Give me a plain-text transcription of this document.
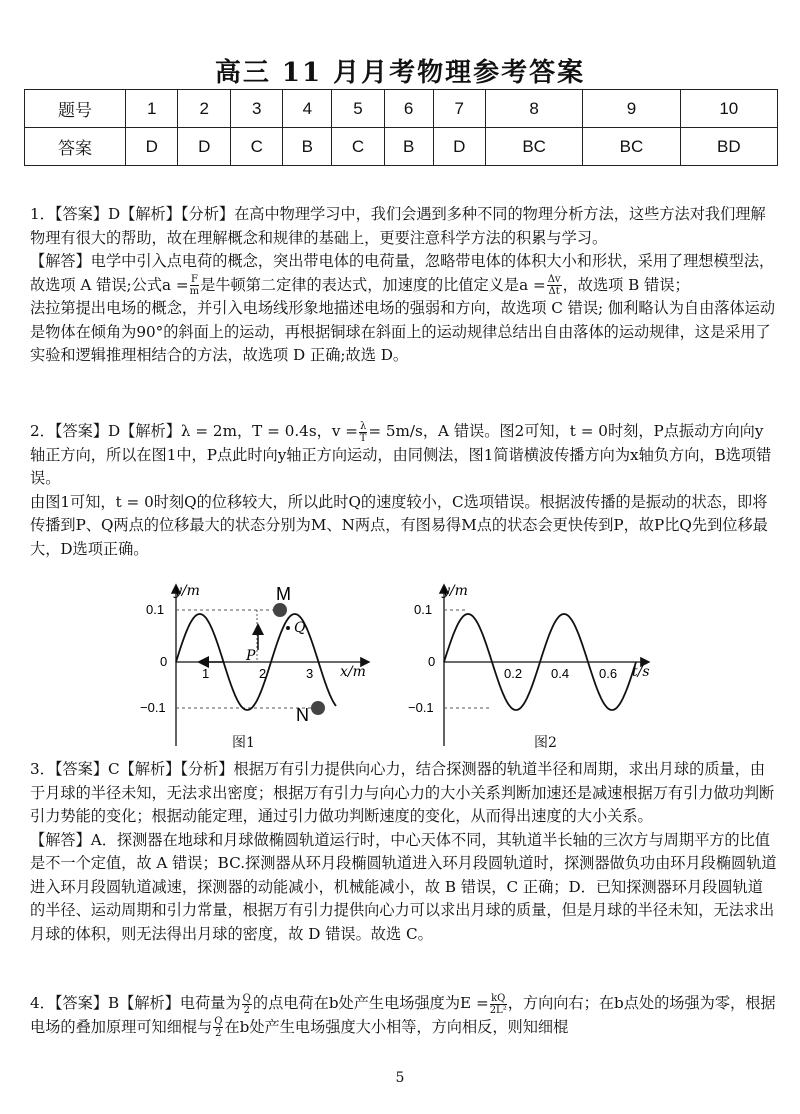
高三 11 月月考物理参考答案
题号	1	2	3	4	5	6	7	8	9	10
答案	D	D	C	B	C	B	D	BC	BC	BD

1．【答案】D【解析】【分析】在高中物理学习中，我们会遇到多种不同的物理分析方法，这些方法对我们理解物理有很大的帮助，故在理解概念和规律的基础上，更要注意科学方法的积累与学习。

【解答】电学中引入点电荷的概念，突出带电体的电荷量，忽略带电体的体积大小和形状，采用了理想模型法，故选项 A 错误;公式$a = \frac{F}{m}$ 是牛顿第二定律的表达式，加速度的比值定义是$a = \frac{\Delta v}{\Delta t}$ ，故选项 B 错误；

法拉第提出电场的概念，并引入电场线形象地描述电场的强弱和方向，故选项 C 错误; 伽利略认为自由落体运动是物体在倾角为90°的斜面上的运动，再根据铜球在斜面上的运动规律总结出自由落体的运动规律，这是采用了实验和逻辑推理相结合的方法，故选项 D 正确;故选 D。

2．【答案】D【解析】λ = 2m，T = 0.4s，$v = \frac{\lambda}{T} = 5m/s$，A 错误。图2可知，t = 0时刻，P点振动方向向y轴正方向，所以在图1中，P点此时向y轴正方向运动，由同侧法，图1简谐横波传播方向为x轴负方向，B选项错误。

由图1可知，t = 0时刻Q的位移较大，所以此时Q的速度较小，C选项错误。根据波传播的是振动的状态，即将传播到P、Q两点的位移最大的状态分别为M、N两点，有图易得M点的状态会更快传到P，故P比Q先到位移最大，D选项正确。

y/m
x/m
0.1
0
−0.1
1	2	3
M
N
P
Q
图1
y/m
t/s
0.1
0
−0.1
0.2 0.4 0.6
图2

3．【答案】C【解析】【分析】根据万有引力提供向心力，结合探测器的轨道半径和周期，求出月球的质量，由于月球的半径未知，无法求出密度；根据万有引力与向心力的大小关系判断加速还是减速根据万有引力做功判断引力势能的变化；根据动能定理，通过引力做功判断速度的变化，从而得出速度的大小关系。

【解答】A．探测器在地球和月球做椭圆轨道运行时，中心天体不同，其轨道半长轴的三次方与周期平方的比值是不一个定值，故 A 错误；BC.探测器从环月段椭圆轨道进入环月段圆轨道时，探测器做负功由环月段椭圆轨道进入环月段圆轨道减速，探测器的动能减小，机械能减小，故 B 错误，C 正确；D．已知探测器环月段圆轨道的半径、运动周期和引力常量，根据万有引力提供向心力可以求出月球的质量，但是月球的半径未知，无法求出月球的体积，则无法得出月球的密度，故 D 错误。故选 C。

4．【答案】B【解析】电荷量为 $\frac{Q}{2}$ 的点电荷在b处产生电场强度为$E = \frac{kQ}{\text{2L²}}$ ，方向向右；在b点处的场强为零，根据电场的叠加原理可知细棍与 $\frac{Q}{2}$ 在b处产生电场强度大小相等，方向相反，则知细棍

5
